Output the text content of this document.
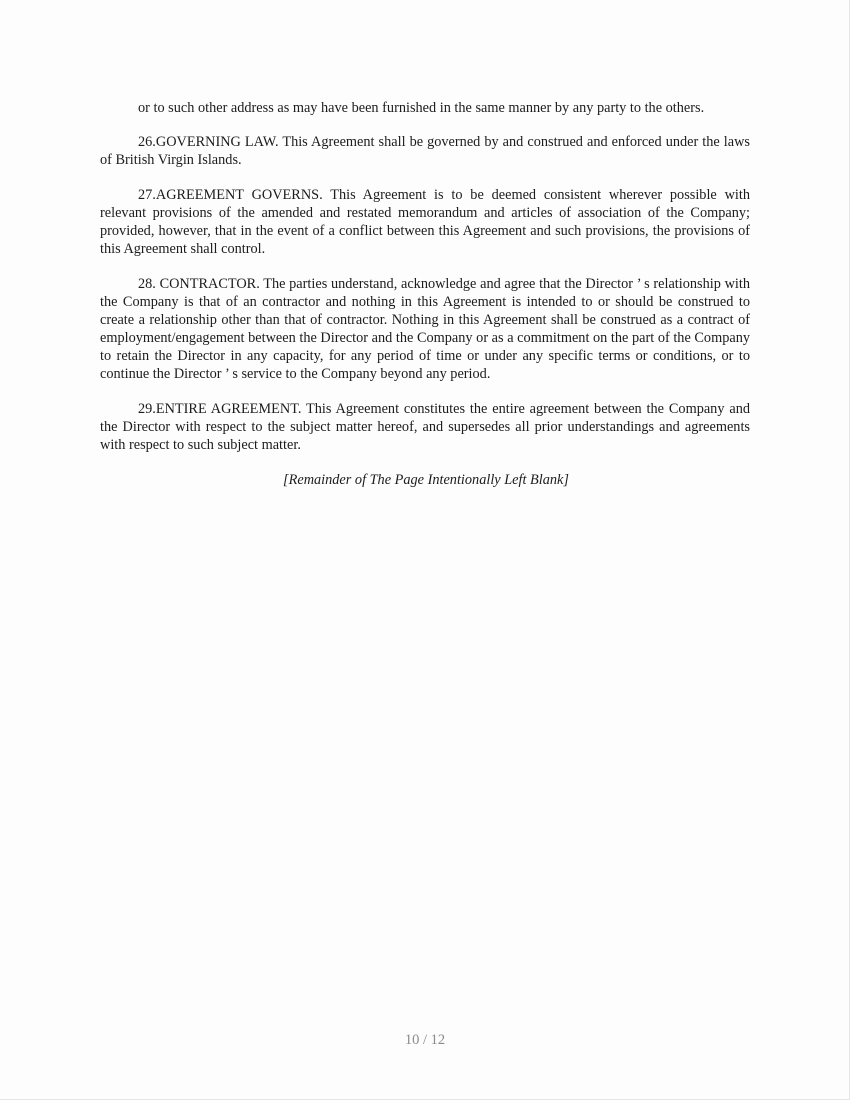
or to such other address as may have been furnished in the same manner by any party to the others.

26.GOVERNING LAW. This Agreement shall be governed by and construed and enforced under the laws of British Virgin Islands.

27.AGREEMENT GOVERNS. This Agreement is to be deemed consistent wherever possible with relevant provisions of the amended and restated memorandum and articles of association of the Company; provided, however, that in the event of a conflict between this Agreement and such provisions, the provisions of this Agreement shall control.

28. CONTRACTOR. The parties understand, acknowledge and agree that the Director ’ s relationship with the Company is that of an contractor and nothing in this Agreement is intended to or should be construed to create a relationship other than that of contractor. Nothing in this Agreement shall be construed as a contract of employment/engagement between the Director and the Company or as a commitment on the part of the Company to retain the Director in any capacity, for any period of time or under any specific terms or conditions, or to continue the Director ’ s service to the Company beyond any period.

29.ENTIRE AGREEMENT. This Agreement constitutes the entire agreement between the Company and the Director with respect to the subject matter hereof, and supersedes all prior understandings and agreements with respect to such subject matter.

[Remainder of The Page Intentionally Left Blank]

10 / 12
